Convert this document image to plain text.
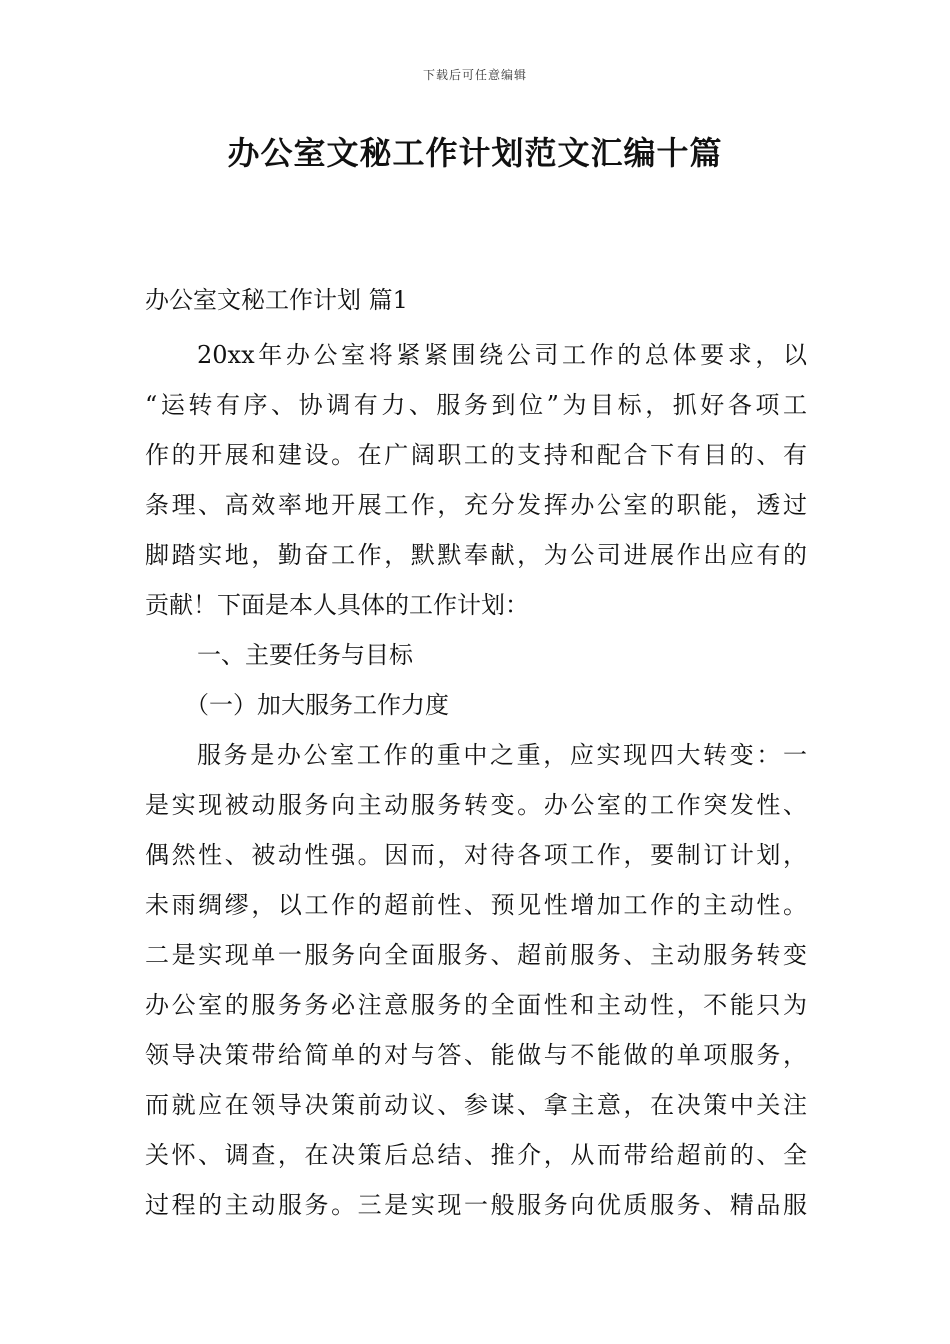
下载后可任意编辑
办公室文秘工作计划范文汇编十篇
办公室文秘工作计划 篇1
20xx年办公室将紧紧围绕公司工作的总体要求，以
“运转有序、协调有力、服务到位”为目标，抓好各项工
作的开展和建设。在广阔职工的支持和配合下有目的、有
条理、高效率地开展工作，充分发挥办公室的职能，透过
脚踏实地，勤奋工作，默默奉献，为公司进展作出应有的
贡献！下面是本人具体的工作计划：
一、主要任务与目标
（一）加大服务工作力度
服务是办公室工作的重中之重，应实现四大转变：一
是实现被动服务向主动服务转变。办公室的工作突发性、
偶然性、被动性强。因而，对待各项工作，要制订计划，
未雨绸缪，以工作的超前性、预见性增加工作的主动性。
二是实现单一服务向全面服务、超前服务、主动服务转变
办公室的服务务必注意服务的全面性和主动性，不能只为
领导决策带给简单的对与答、能做与不能做的单项服务，
而就应在领导决策前动议、参谋、拿主意，在决策中关注
关怀、调查，在决策后总结、推介，从而带给超前的、全
过程的主动服务。三是实现一般服务向优质服务、精品服
